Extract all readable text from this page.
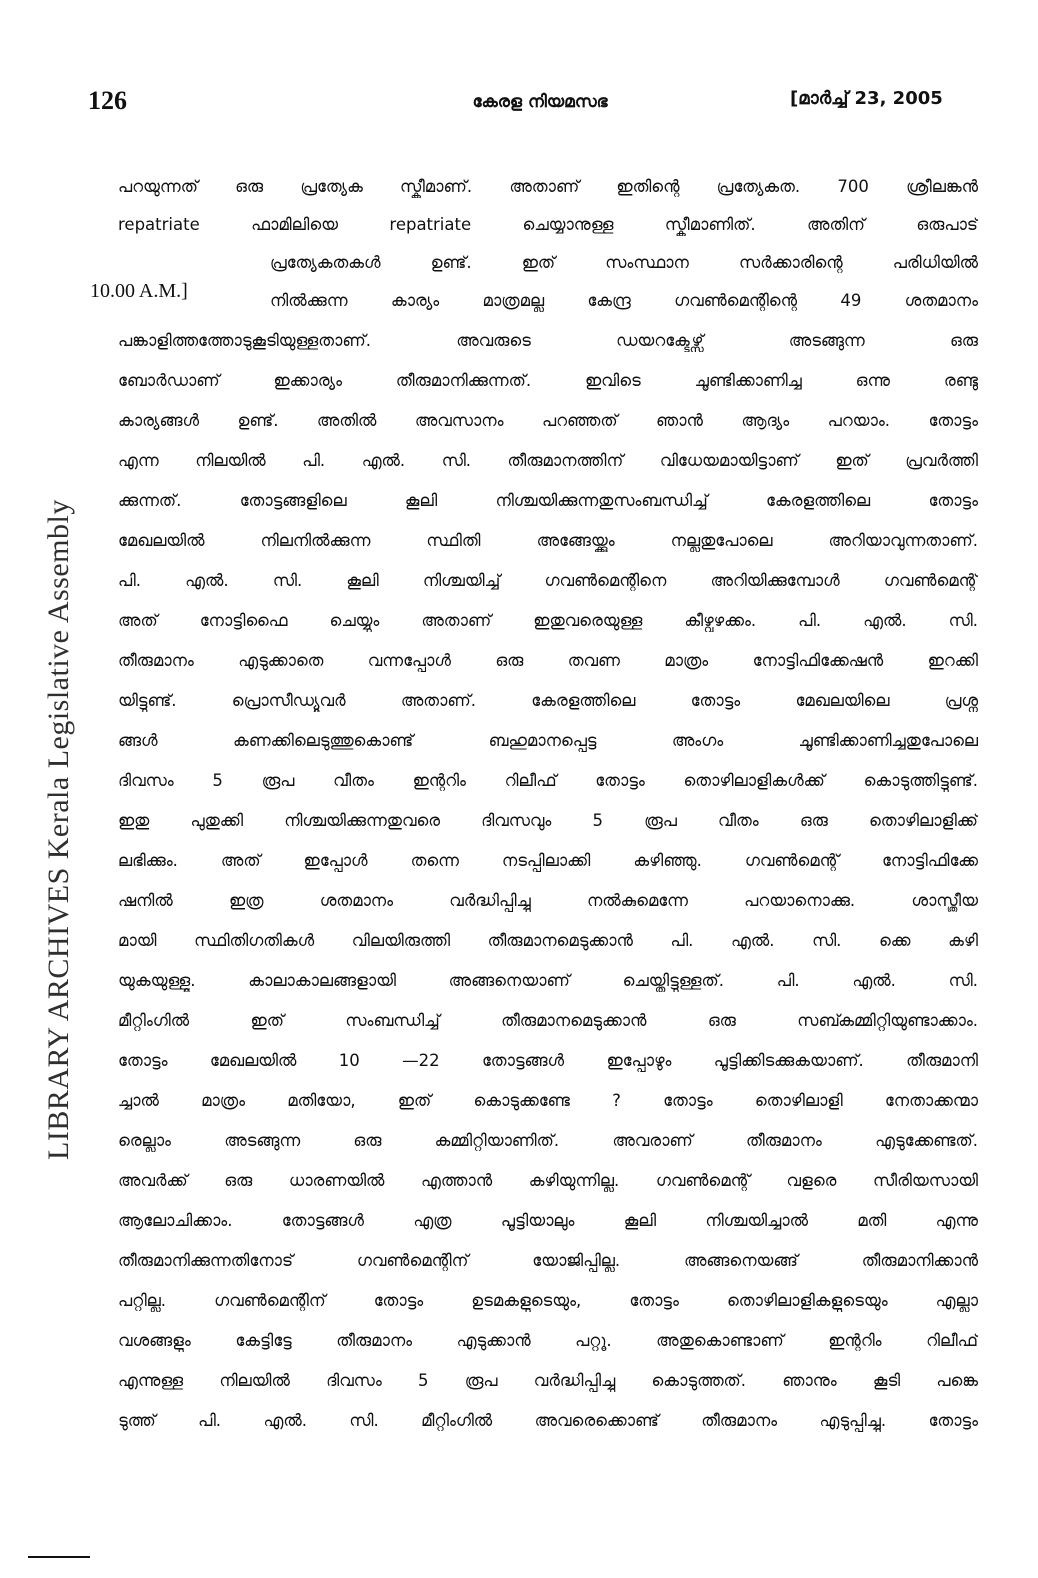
126	കേരള നിയമസഭ	[മാർച്ച് 23, 2005
LIBRARY ARCHIVES Kerala Legislative Assembly
10.00 A.M.]
പറയുന്നത് ഒരു പ്രത്യേക സ്കീമാണ്. അതാണ് ഇതിന്റെ പ്രത്യേകത. 700 ശ്രീലങ്കൻ
repatriate ഫാമിലിയെ repatriate ചെയ്യാനുള്ള സ്കീമാണിത്. അതിന് ഒരുപാട്
പ്രത്യേകതകൾ ഉണ്ട്. ഇത് സംസ്ഥാന സർക്കാരിന്റെ പരിധിയിൽ
നിൽക്കുന്ന കാര്യം മാത്രമല്ല കേന്ദ്ര ഗവൺമെന്റിന്റെ 49 ശതമാനം
പങ്കാളിത്തത്തോടുകൂടിയുള്ളതാണ്. അവരുടെ ഡയറക്ടേഴ്സ് അടങ്ങുന്ന ഒരു
ബോർഡാണ് ഇക്കാര്യം തീരുമാനിക്കുന്നത്. ഇവിടെ ചൂണ്ടിക്കാണിച്ച ഒന്നു രണ്ടു
കാര്യങ്ങൾ ഉണ്ട്. അതിൽ അവസാനം പറഞ്ഞത് ഞാൻ ആദ്യം പറയാം. തോട്ടം
എന്ന നിലയിൽ പി. എൽ. സി. തീരുമാനത്തിന് വിധേയമായിട്ടാണ് ഇത് പ്രവർത്തി
ക്കുന്നത്. തോട്ടങ്ങളിലെ കൂലി നിശ്ചയിക്കുന്നതുസംബന്ധിച്ച് കേരളത്തിലെ തോട്ടം
മേഖലയിൽ നിലനിൽക്കുന്ന സ്ഥിതി അങ്ങേയ്ക്കും നല്ലതുപോലെ അറിയാവുന്നതാണ്.
പി. എൽ. സി. കൂലി നിശ്ചയിച്ച് ഗവൺമെന്റിനെ അറിയിക്കുമ്പോൾ ഗവൺമെന്റ്
അത് നോട്ടിഫൈ ചെയ്യും അതാണ് ഇതുവരെയുള്ള കീഴ്വഴക്കം. പി. എൽ. സി.
തീരുമാനം എടുക്കാതെ വന്നപ്പോൾ ഒരു തവണ മാത്രം നോട്ടിഫിക്കേഷൻ ഇറക്കി
യിട്ടുണ്ട്. പ്രൊസീഡ്യൂവർ അതാണ്. കേരളത്തിലെ തോട്ടം മേഖലയിലെ പ്രശ്ന
ങ്ങൾ കണക്കിലെടുത്തുകൊണ്ട് ബഹുമാനപ്പെട്ട അംഗം ചൂണ്ടിക്കാണിച്ചതുപോലെ
ദിവസം 5 രൂപ വീതം ഇന്ററിം റിലീഫ് തോട്ടം തൊഴിലാളികൾക്ക് കൊടുത്തിട്ടുണ്ട്.
ഇതു പുതുക്കി നിശ്ചയിക്കുന്നതുവരെ ദിവസവും 5 രൂപ വീതം ഒരു തൊഴിലാളിക്ക്
ലഭിക്കും. അത് ഇപ്പോൾ തന്നെ നടപ്പിലാക്കി കഴിഞ്ഞു. ഗവൺമെന്റ് നോട്ടിഫിക്കേ
ഷനിൽ ഇത്ര ശതമാനം വർദ്ധിപ്പിച്ചു നൽകുമെന്നേ പറയാനൊക്കു. ശാസ്ത്രീയ
മായി സ്ഥിതിഗതികൾ വിലയിരുത്തി തീരുമാനമെടുക്കാൻ പി. എൽ. സി. ക്കെ കഴി
യുകയുള്ളൂ. കാലാകാലങ്ങളായി അങ്ങനെയാണ് ചെയ്തിട്ടുള്ളത്. പി. എൽ. സി.
മീറ്റിംഗിൽ ഇത് സംബന്ധിച്ച് തീരുമാനമെടുക്കാൻ ഒരു സബ്കമ്മിറ്റിയുണ്ടാക്കാം.
തോട്ടം മേഖലയിൽ 10 —22 തോട്ടങ്ങൾ ഇപ്പോഴും പൂട്ടിക്കിടക്കുകയാണ്. തീരുമാനി
ച്ചാൽ മാത്രം മതിയോ, ഇത് കൊടുക്കണ്ടേ ? തോട്ടം തൊഴിലാളി നേതാക്കന്മാ
രെല്ലാം അടങ്ങുന്ന ഒരു കമ്മിറ്റിയാണിത്. അവരാണ് തീരുമാനം എടുക്കേണ്ടത്.
അവർക്ക് ഒരു ധാരണയിൽ എത്താൻ കഴിയുന്നില്ല. ഗവൺമെന്റ് വളരെ സീരിയസായി
ആലോചിക്കാം. തോട്ടങ്ങൾ എത്ര പൂട്ടിയാലും കൂലി നിശ്ചയിച്ചാൽ മതി എന്നു
തീരുമാനിക്കുന്നതിനോട് ഗവൺമെന്റിന് യോജിപ്പില്ല. അങ്ങനെയങ്ങ് തീരുമാനിക്കാൻ
പറ്റില്ല. ഗവൺമെന്റിന് തോട്ടം ഉടമകളുടെയും, തോട്ടം തൊഴിലാളികളുടെയും എല്ലാ
വശങ്ങളും കേട്ടിട്ടേ തീരുമാനം എടുക്കാൻ പറ്റൂ. അതുകൊണ്ടാണ് ഇന്ററിം റിലീഫ്
എന്നുള്ള നിലയിൽ ദിവസം 5 രൂപ വർദ്ധിപ്പിച്ചു കൊടുത്തത്. ഞാനും കൂടി പങ്കെ
ടുത്ത് പി. എൽ. സി. മീറ്റിംഗിൽ അവരെക്കൊണ്ട് തീരുമാനം എടുപ്പിച്ചു. തോട്ടം
